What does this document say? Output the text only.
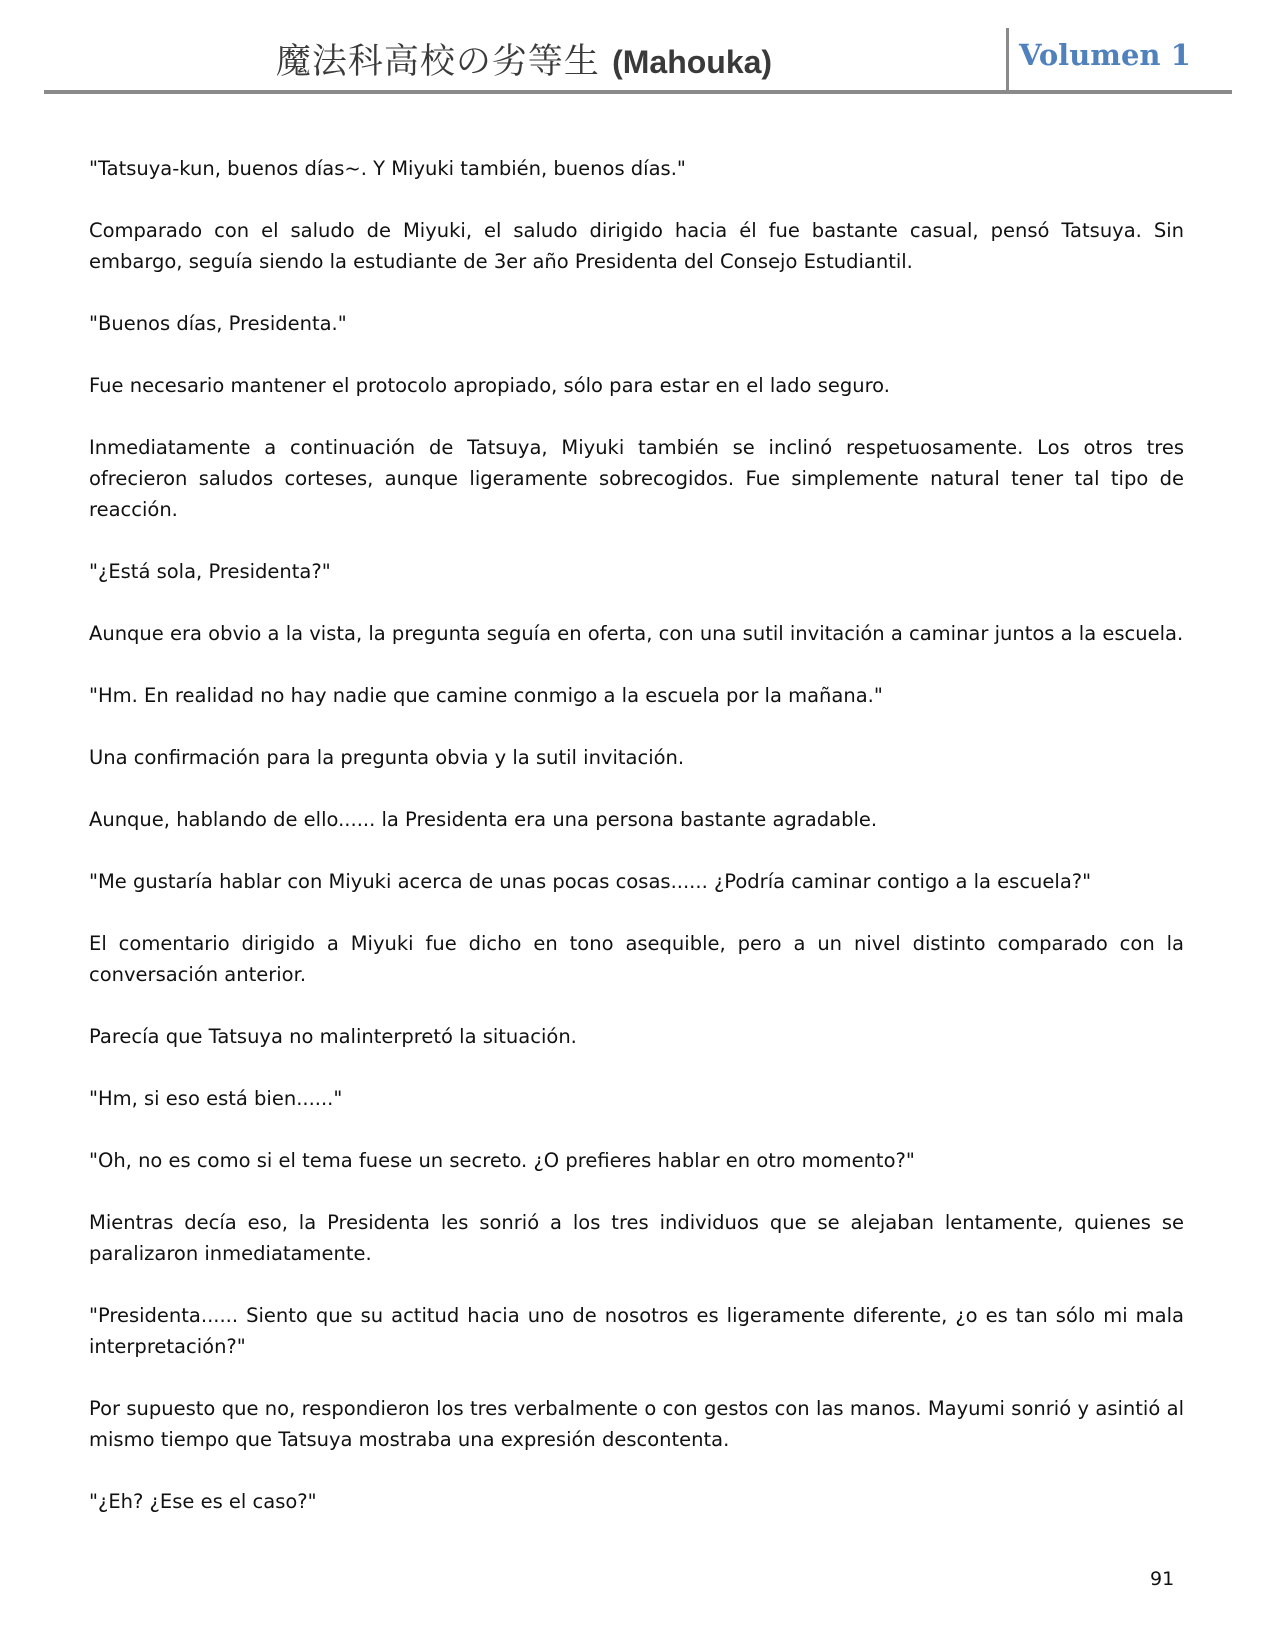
魔法科高校の劣等生 (Mahouka)	Volumen 1

"Tatsuya-kun, buenos días~. Y Miyuki también, buenos días."

Comparado con el saludo de Miyuki, el saludo dirigido hacia él fue bastante casual, pensó Tatsuya. Sin embargo, seguía siendo la estudiante de 3er año Presidenta del Consejo Estudiantil.

"Buenos días, Presidenta."

Fue necesario mantener el protocolo apropiado, sólo para estar en el lado seguro.

Inmediatamente a continuación de Tatsuya, Miyuki también se inclinó respetuosamente. Los otros tres ofrecieron saludos corteses, aunque ligeramente sobrecogidos. Fue simplemente natural tener tal tipo de reacción.

"¿Está sola, Presidenta?"

Aunque era obvio a la vista, la pregunta seguía en oferta, con una sutil invitación a caminar juntos a la escuela.

"Hm. En realidad no hay nadie que camine conmigo a la escuela por la mañana."

Una confirmación para la pregunta obvia y la sutil invitación.

Aunque, hablando de ello...... la Presidenta era una persona bastante agradable.

"Me gustaría hablar con Miyuki acerca de unas pocas cosas...... ¿Podría caminar contigo a la escuela?"

El comentario dirigido a Miyuki fue dicho en tono asequible, pero a un nivel distinto comparado con la conversación anterior.

Parecía que Tatsuya no malinterpretó la situación.

"Hm, si eso está bien......"

"Oh, no es como si el tema fuese un secreto. ¿O prefieres hablar en otro momento?"

Mientras decía eso, la Presidenta les sonrió a los tres individuos que se alejaban lentamente, quienes se paralizaron inmediatamente.

"Presidenta...... Siento que su actitud hacia uno de nosotros es ligeramente diferente, ¿o es tan sólo mi mala interpretación?"

Por supuesto que no, respondieron los tres verbalmente o con gestos con las manos. Mayumi sonrió y asintió al mismo tiempo que Tatsuya mostraba una expresión descontenta.

"¿Eh? ¿Ese es el caso?"

91
